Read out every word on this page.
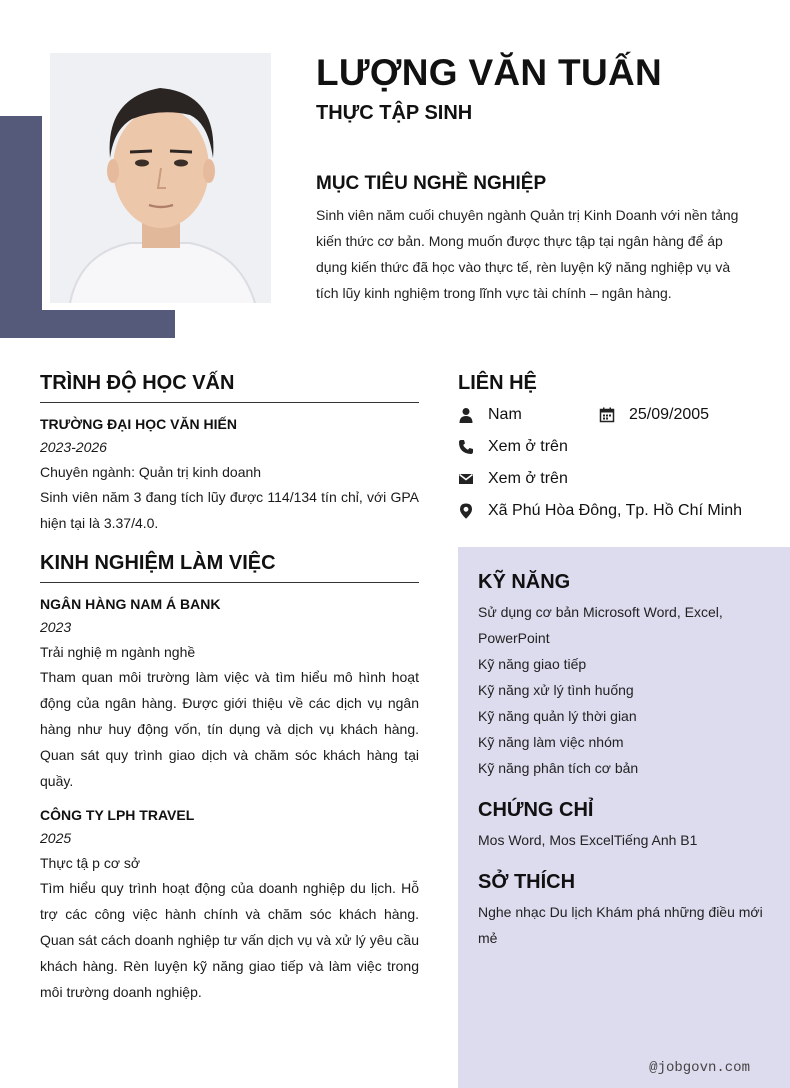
LƯỢNG VĂN TUẤN
THỰC TẬP SINH
MỤC TIÊU NGHỀ NGHIỆP

Sinh viên năm cuối chuyên ngành Quản trị Kinh Doanh với nền tảng kiến thức cơ bản. Mong muốn được thực tập tại ngân hàng để áp dụng kiến thức đã học vào thực tế, rèn luyện kỹ năng nghiệp vụ và tích lũy kinh nghiệm trong lĩnh vực tài chính – ngân hàng.

TRÌNH ĐỘ HỌC VẤN

TRƯỜNG ĐẠI HỌC VĂN HIẾN

2023-2026

Chuyên ngành: Quản trị kinh doanh

Sinh viên năm 3 đang tích lũy được 114/134 tín chỉ, với GPA hiện tại là 3.37/4.0.

KINH NGHIỆM LÀM VIỆC

NGÂN HÀNG NAM Á BANK

2023

Trải nghiệ m ngành nghề

Tham quan môi trường làm việc và tìm hiểu mô hình hoạt động của ngân hàng. Được giới thiệu về các dịch vụ ngân hàng như huy động vốn, tín dụng và dịch vụ khách hàng. Quan sát quy trình giao dịch và chăm sóc khách hàng tại quầy.

CÔNG TY LPH TRAVEL

2025

Thực tậ p cơ sở

Tìm hiểu quy trình hoạt động của doanh nghiệp du lịch. Hỗ trợ các công việc hành chính và chăm sóc khách hàng. Quan sát cách doanh nghiệp tư vấn dịch vụ và xử lý yêu cầu khách hàng. Rèn luyện kỹ năng giao tiếp và làm việc trong môi trường doanh nghiệp.

LIÊN HỆ
Nam	25/09/2005
Xem ở trên
Xem ở trên
Xã Phú Hòa Đông, Tp. Hồ Chí Minh
KỸ NĂNG
Sử dụng cơ bản Microsoft Word, Excel, PowerPoint
Kỹ năng giao tiếp
Kỹ năng xử lý tình huống
Kỹ năng quản lý thời gian
Kỹ năng làm việc nhóm
Kỹ năng phân tích cơ bản
CHỨNG CHỈ

Mos Word, Mos ExcelTiếng Anh B1

SỞ THÍCH

Nghe nhạc Du lịch Khám phá những điều mới mẻ

@jobgovn.com
